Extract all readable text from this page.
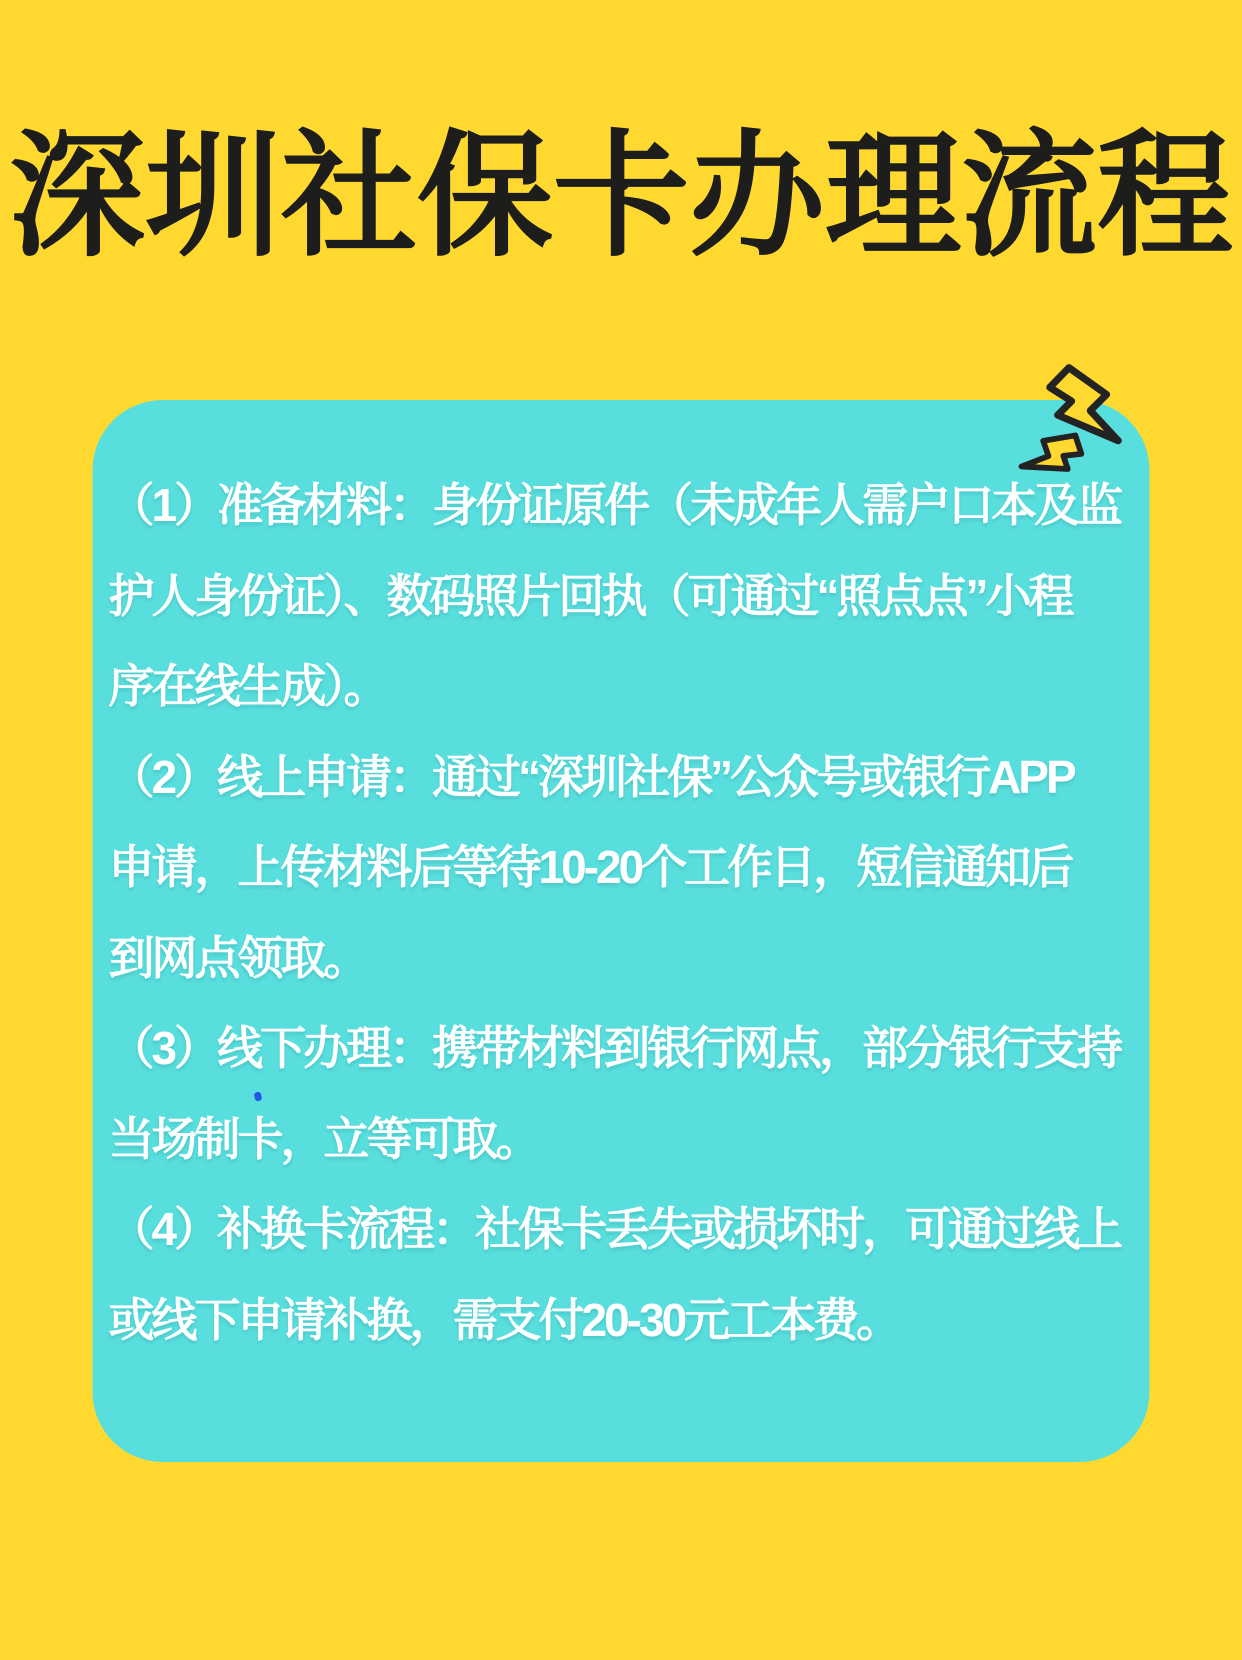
深圳社保卡办理流程
（1）准备材料：身份证原件（未成年人需户口本及监
护人身份证）、数码照片回执（可通过“照点点”小程
序在线生成）。
（2）线上申请：通过“深圳社保”公众号或银行APP
申请，上传材料后等待10-20个工作日，短信通知后
到网点领取。
（3）线下办理：携带材料到银行网点，部分银行支持
当场制卡，立等可取。
（4）补换卡流程：社保卡丢失或损坏时，可通过线上
或线下申请补换，需支付20-30元工本费。
